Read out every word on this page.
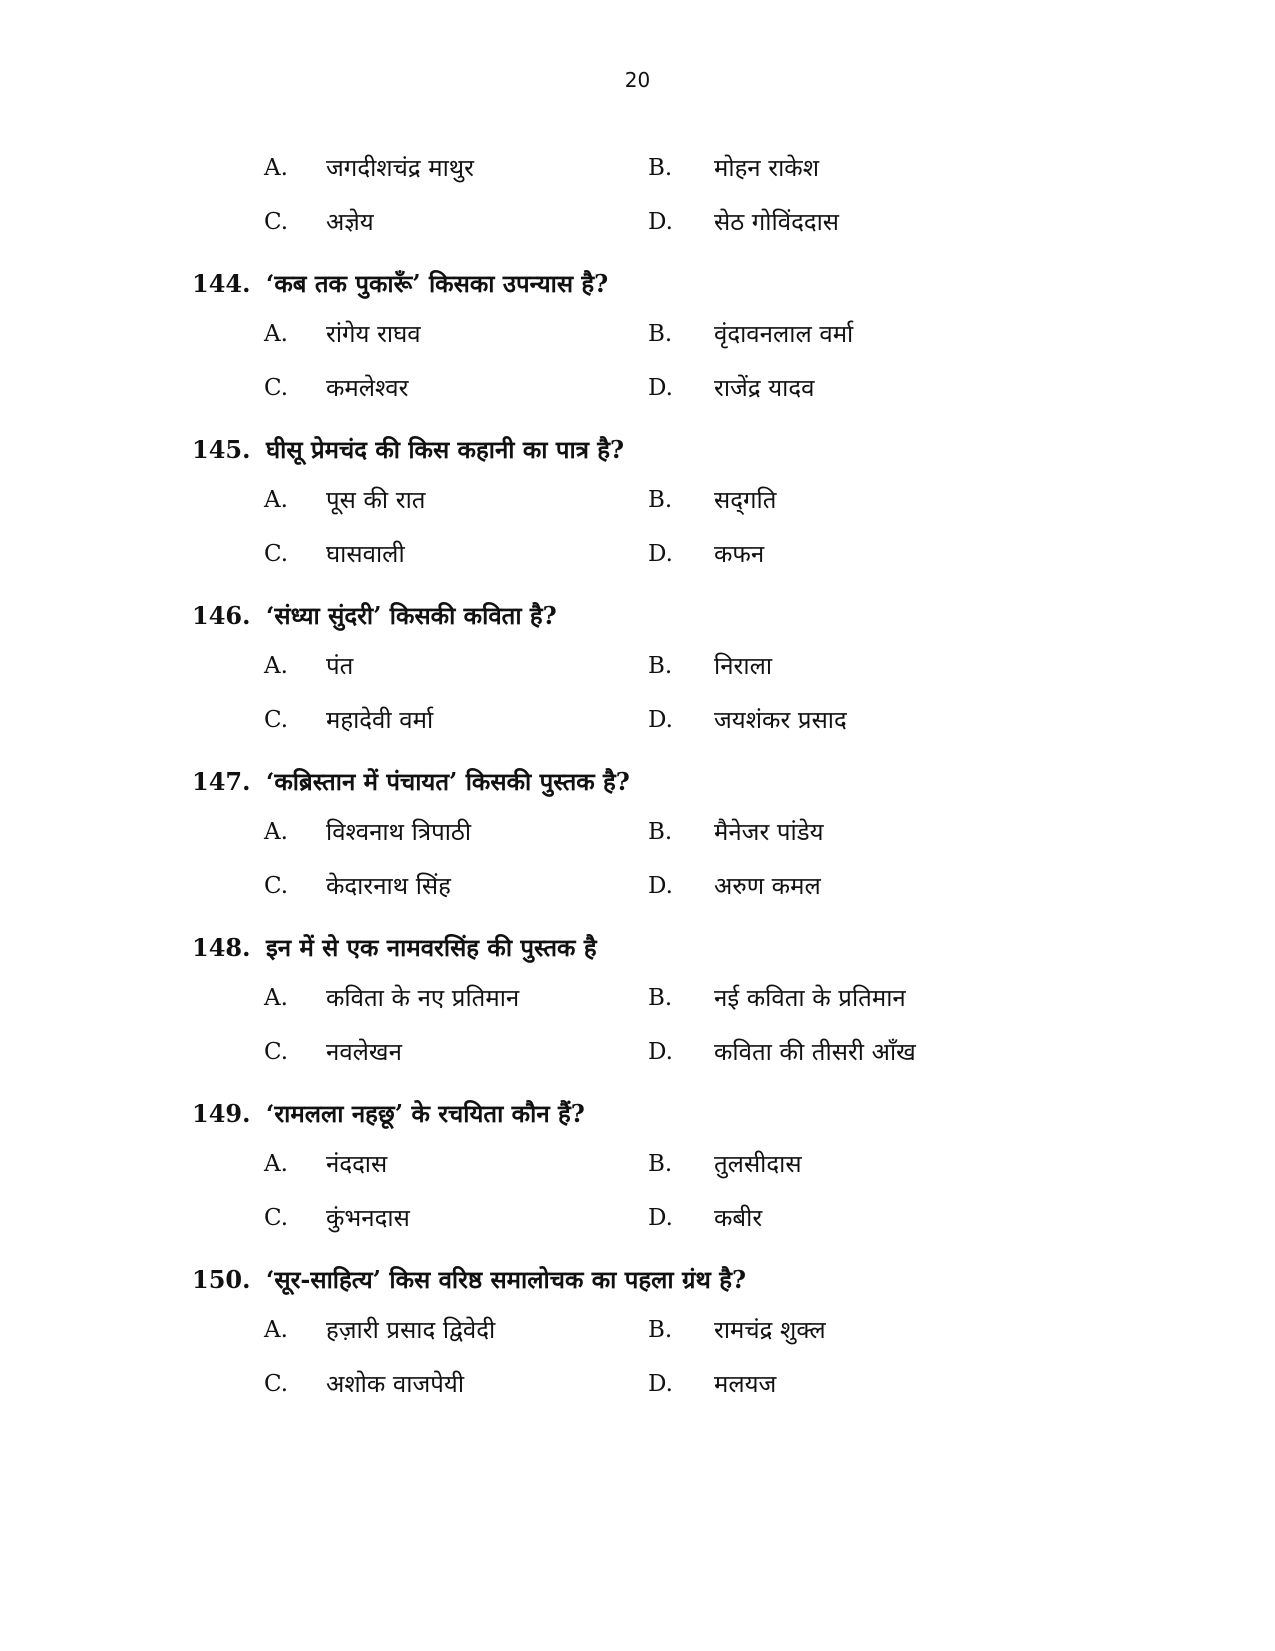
20
A. जगदीशचंद्र माथुर	B. मोहन राकेश
C. अज्ञेय	D. सेठ गोविंददास
144. ‘कब तक पुकारूँ’ किसका उपन्यास है?
A. रांगेय राघव	B. वृंदावनलाल वर्मा
C. कमलेश्वर	D. राजेंद्र यादव
145. घीसू प्रेमचंद की किस कहानी का पात्र है?
A. पूस की रात	B. सद्‌गति
C. घासवाली	D. कफन
146. ‘संध्या सुंदरी’ किसकी कविता है?
A. पंत	B. निराला
C. महादेवी वर्मा	D. जयशंकर प्रसाद
147. ‘कब्रिस्तान में पंचायत’ किसकी पुस्तक है?
A. विश्वनाथ त्रिपाठी	B. मैनेजर पांडेय
C. केदारनाथ सिंह	D. अरुण कमल
148. इन में से एक नामवरसिंह की पुस्तक है
A. कविता के नए प्रतिमान	B. नई कविता के प्रतिमान
C. नवलेखन	D. कविता की तीसरी आँख
149. ‘रामलला नहछू’ के रचयिता कौन हैं?
A. नंददास	B. तुलसीदास
C. कुंभनदास	D. कबीर
150. ‘सूर-साहित्य’ किस वरिष्ठ समालोचक का पहला ग्रंथ है?
A. हज़ारी प्रसाद द्विवेदी	B. रामचंद्र शुक्ल
C. अशोक वाजपेयी	D. मलयज
